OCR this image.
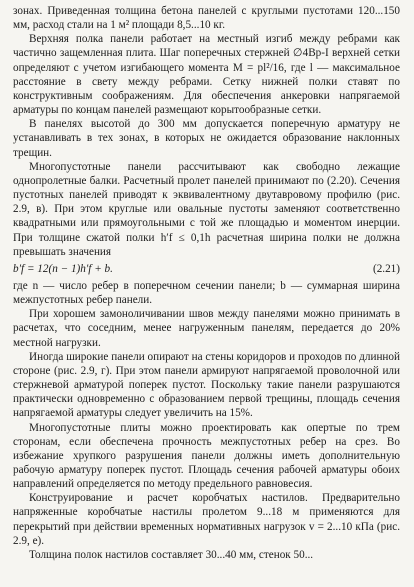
зонах. Приведенная толщина бетона панелей с круглыми пустотами 120...150 мм, расход стали на 1 м² площади 8,5...10 кг.

Верхняя полка панели работает на местный изгиб между ребрами как частично защемленная плита. Шаг поперечных стержней ∅4Вр-I верхней сетки определяют с учетом изгибающего момента M = pl²/16, где l — максимальное расстояние в свету между ребрами. Сетку нижней полки ставят по конструктивным соображениям. Для обеспечения анкеровки напрягаемой арматуры по концам панелей размещают корытообразные сетки.

В панелях высотой до 300 мм допускается поперечную арматуру не устанавливать в тех зонах, в которых не ожидается образование наклонных трещин.

Многопустотные панели рассчитывают как свободно лежащие однопролетные балки. Расчетный пролет панелей принимают по (2.20). Сечения пустотных панелей приводят к эквивалентному двутавровому профилю (рис. 2.9, в). При этом круглые или овальные пустоты заменяют соответственно квадратными или прямоугольными с той же площадью и моментом инерции. При толщине сжатой полки h′f ≤ 0,1h расчетная ширина полки не должна превышать значения

b′f = 12(n − 1)h′f + b.	(2.21)

где n — число ребер в поперечном сечении панели; b — суммарная ширина межпустотных ребер панели.

При хорошем замоноличивании швов между панелями можно принимать в расчетах, что соседним, менее нагруженным панелям, передается до 20% местной нагрузки.

Иногда широкие панели опирают на стены коридоров и проходов по длинной стороне (рис. 2.9, г). При этом панели армируют напрягаемой проволочной или стержневой арматурой поперек пустот. Поскольку такие панели разрушаются практически одновременно с образованием первой трещины, площадь сечения напрягаемой арматуры следует увеличить на 15%.

Многопустотные плиты можно проектировать как опертые по трем сторонам, если обеспечена прочность межпустотных ребер на срез. Во избежание хрупкого разрушения панели должны иметь дополнительную рабочую арматуру поперек пустот. Площадь сечения рабочей арматуры обоих направлений определяется по методу предельного равновесия.

Конструирование и расчет коробчатых настилов. Предварительно напряженные коробчатые настилы пролетом 9...18 м применяются для перекрытий при действии временных нормативных нагрузок v = 2...10 кПа (рис. 2.9, е).

Толщина полок настилов составляет 30...40 мм, стенок 50...
